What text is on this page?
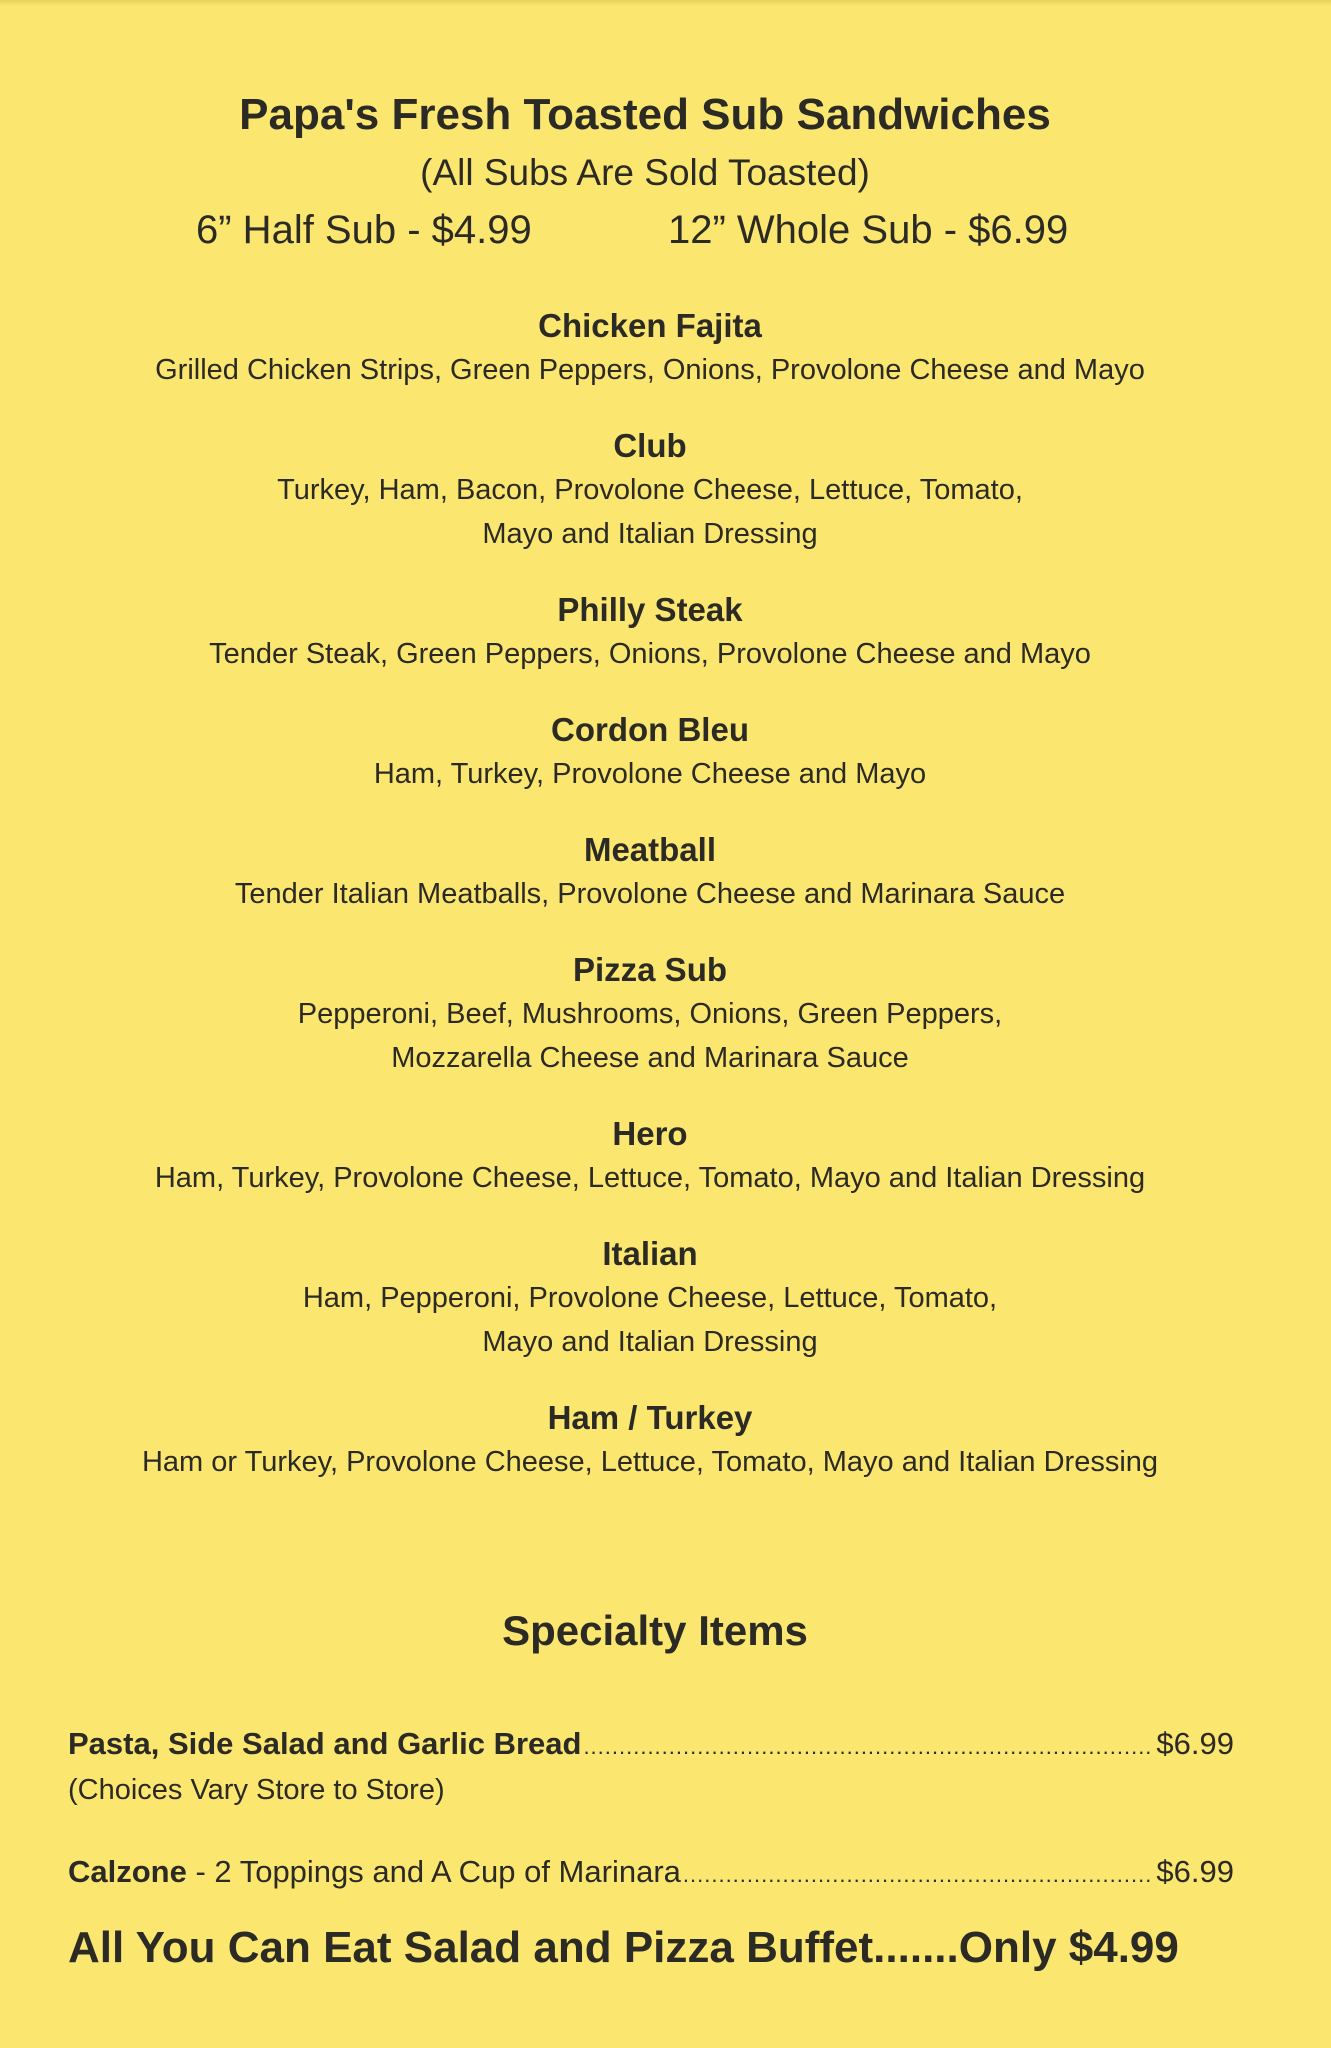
Papa's Fresh Toasted Sub Sandwiches
(All Subs Are Sold Toasted)
6” Half Sub - $4.99	12” Whole Sub - $6.99
Chicken Fajita
Grilled Chicken Strips, Green Peppers, Onions, Provolone Cheese and Mayo
Club
Turkey, Ham, Bacon, Provolone Cheese, Lettuce, Tomato,
Mayo and Italian Dressing
Philly Steak
Tender Steak, Green Peppers, Onions, Provolone Cheese and Mayo
Cordon Bleu
Ham, Turkey, Provolone Cheese and Mayo
Meatball
Tender Italian Meatballs, Provolone Cheese and Marinara Sauce
Pizza Sub
Pepperoni, Beef, Mushrooms, Onions, Green Peppers,
Mozzarella Cheese and Marinara Sauce
Hero
Ham, Turkey, Provolone Cheese, Lettuce, Tomato, Mayo and Italian Dressing
Italian
Ham, Pepperoni, Provolone Cheese, Lettuce, Tomato,
Mayo and Italian Dressing
Ham / Turkey
Ham or Turkey, Provolone Cheese, Lettuce, Tomato, Mayo and Italian Dressing
Specialty Items
Pasta, Side Salad and Garlic Bread .....	$6.99
(Choices Vary Store to Store)
Calzone - 2 Toppings and A Cup of Marinara .....	$6.99
All You Can Eat Salad and Pizza Buffet.......Only $4.99
